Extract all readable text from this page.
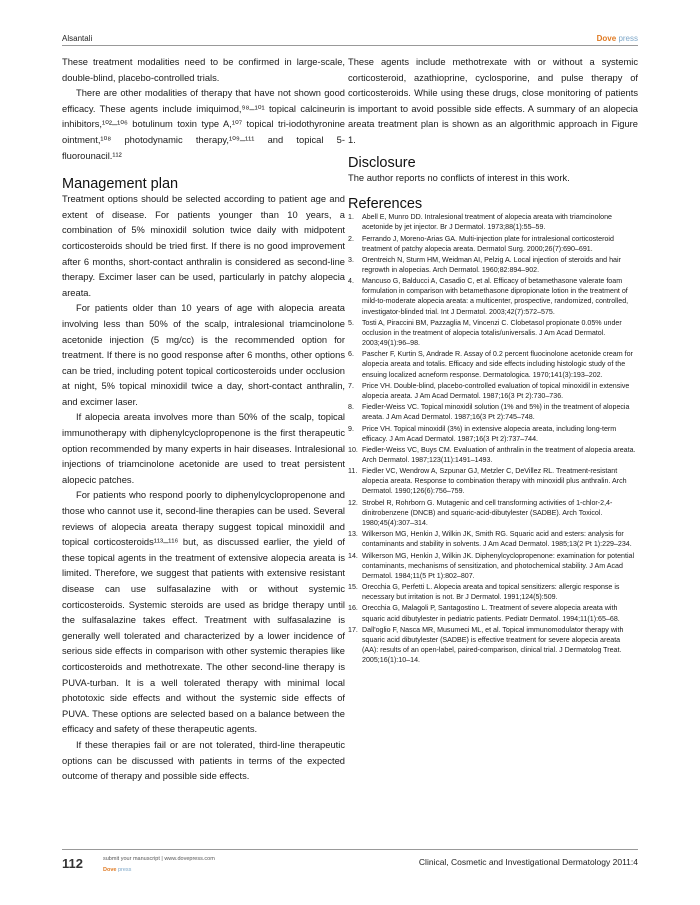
Alsantali	Dove press

These treatment modalities need to be confirmed in large-scale, double-blind, placebo-controlled trials.

There are other modalities of therapy that have not shown good efficacy. These agents include imiquimod,⁹⁸–¹⁰¹ topical calcineurin inhibitors,¹⁰²–¹⁰⁶ botulinum toxin type A,¹⁰⁷ topical tri-iodothyronine ointment,¹⁰⁸ photodynamic therapy,¹⁰⁹–¹¹¹ and topical 5-fluorounacil.¹¹²

Management plan

Treatment options should be selected according to patient age and extent of disease. For patients younger than 10 years, a combination of 5% minoxidil solution twice daily with midpotent corticosteroids should be tried first. If there is no good improvement after 6 months, short-contact anthralin is considered as second-line therapy. Excimer laser can be used, particularly in patchy alopecia areata.

For patients older than 10 years of age with alopecia areata involving less than 50% of the scalp, intralesional triamcinolone acetonide injection (5 mg/cc) is the recommended option for treatment. If there is no good response after 6 months, other options can be tried, including potent topical corticosteroids under occlusion at night, 5% topical minoxidil twice a day, short-contact anthralin, and excimer laser.

If alopecia areata involves more than 50% of the scalp, topical immunotherapy with diphenylcyclopropenone is the first therapeutic option recommended by many experts in hair diseases. Intralesional injections of triamcinolone acetonide are used to treat persistent alopecic patches.

For patients who respond poorly to diphenylcyclopropenone and those who cannot use it, second-line therapies can be used. Several reviews of alopecia areata therapy suggest topical minoxidil and topical corticosteroids¹¹³–¹¹⁶ but, as discussed earlier, the yield of these topical agents in the treatment of extensive alopecia areata is limited. Therefore, we suggest that patients with extensive resistant disease can use sulfasalazine with or without systemic corticosteroids. Systemic steroids are used as bridge therapy until the sulfasalazine takes effect. Treatment with sulfasalazine is generally well tolerated and characterized by a lower incidence of serious side effects in comparison with other systemic therapies like corticosteroids and methotrexate. The other second-line therapy is PUVA-turban. It is a well tolerated therapy with minimal local phototoxic side effects and without the systemic side effects of PUVA. These options are selected based on a balance between the efficacy and safety of these therapeutic agents.

If these therapies fail or are not tolerated, third-line therapeutic options can be discussed with patients in terms of the expected outcome of therapy and possible side effects.

These agents include methotrexate with or without a systemic corticosteroid, azathioprine, cyclosporine, and pulse therapy of corticosteroids. While using these drugs, close monitoring of patients is important to avoid possible side effects. A summary of an alopecia areata treatment plan is shown as an algorithmic approach in Figure 1.

Disclosure

The author reports no conflicts of interest in this work.

References
1. Abell E, Munro DD. Intralesional treatment of alopecia areata with triamcinolone acetonide by jet injector. Br J Dermatol. 1973;88(1):55–59.
2. Ferrando J, Moreno-Arias GA. Multi-injection plate for intralesional corticosteroid treatment of patchy alopecia areata. Dermatol Surg. 2000;26(7):690–691.
3. Orentreich N, Sturm HM, Weidman AI, Pelzig A. Local injection of steroids and hair regrowth in alopecias. Arch Dermatol. 1960;82:894–902.
4. Mancuso G, Balducci A, Casadio C, et al. Efficacy of betamethasone valerate foam formulation in comparison with betamethasone dipropionate lotion in the treatment of mild-to-moderate alopecia areata: a multicenter, prospective, randomized, controlled, investigator-blinded trial. Int J Dermatol. 2003;42(7):572–575.
5. Tosti A, Piraccini BM, Pazzaglia M, Vincenzi C. Clobetasol propionate 0.05% under occlusion in the treatment of alopecia totalis/universalis. J Am Acad Dermatol. 2003;49(1):96–98.
6. Pascher F, Kurtin S, Andrade R. Assay of 0.2 percent fluocinolone acetonide cream for alopecia areata and totalis. Efficacy and side effects including histologic study of the ensuing localized acneform response. Dermatologica. 1970;141(3):193–202.
7. Price VH. Double-blind, placebo-controlled evaluation of topical minoxidil in extensive alopecia areata. J Am Acad Dermatol. 1987;16(3 Pt 2):730–736.
8. Fiedler-Weiss VC. Topical minoxidil solution (1% and 5%) in the treatment of alopecia areata. J Am Acad Dermatol. 1987;16(3 Pt 2):745–748.
9. Price VH. Topical minoxidil (3%) in extensive alopecia areata, including long-term efficacy. J Am Acad Dermatol. 1987;16(3 Pt 2):737–744.
10. Fiedler-Weiss VC, Buys CM. Evaluation of anthralin in the treatment of alopecia areata. Arch Dermatol. 1987;123(11):1491–1493.
11. Fiedler VC, Wendrow A, Szpunar GJ, Metzler C, DeVillez RL. Treatment-resistant alopecia areata. Response to combination therapy with minoxidil plus anthralin. Arch Dermatol. 1990;126(6):756–759.
12. Strobel R, Rohrborn G. Mutagenic and cell transforming activities of 1-chlor-2,4-dinitrobenzene (DNCB) and squaric-acid-dibutylester (SADBE). Arch Toxicol. 1980;45(4):307–314.
13. Wilkerson MG, Henkin J, Wilkin JK, Smith RG. Squaric acid and esters: analysis for contaminants and stability in solvents. J Am Acad Dermatol. 1985;13(2 Pt 1):229–234.
14. Wilkerson MG, Henkin J, Wilkin JK. Diphenylcyclopropenone: examination for potential contaminants, mechanisms of sensitization, and photochemical stability. J Am Acad Dermatol. 1984;11(5 Pt 1):802–807.
15. Orecchia G, Perfetti L. Alopecia areata and topical sensitizers: allergic response is necessary but irritation is not. Br J Dermatol. 1991;124(5):509.
16. Orecchia G, Malagoli P, Santagostino L. Treatment of severe alopecia areata with squaric acid dibutylester in pediatric patients. Pediatr Dermatol. 1994;11(1):65–68.
17. Dall'oglio F, Nasca MR, Musumeci ML, et al. Topical immunomodulator therapy with squaric acid dibutylester (SADBE) is effective treatment for severe alopecia areata (AA): results of an open-label, paired-comparison, clinical trial. J Dermatolog Treat. 2005;16(1):10–14.
112	submit your manuscript | www.dovepress.com
Dove press
Clinical, Cosmetic and Investigational Dermatology 2011:4
